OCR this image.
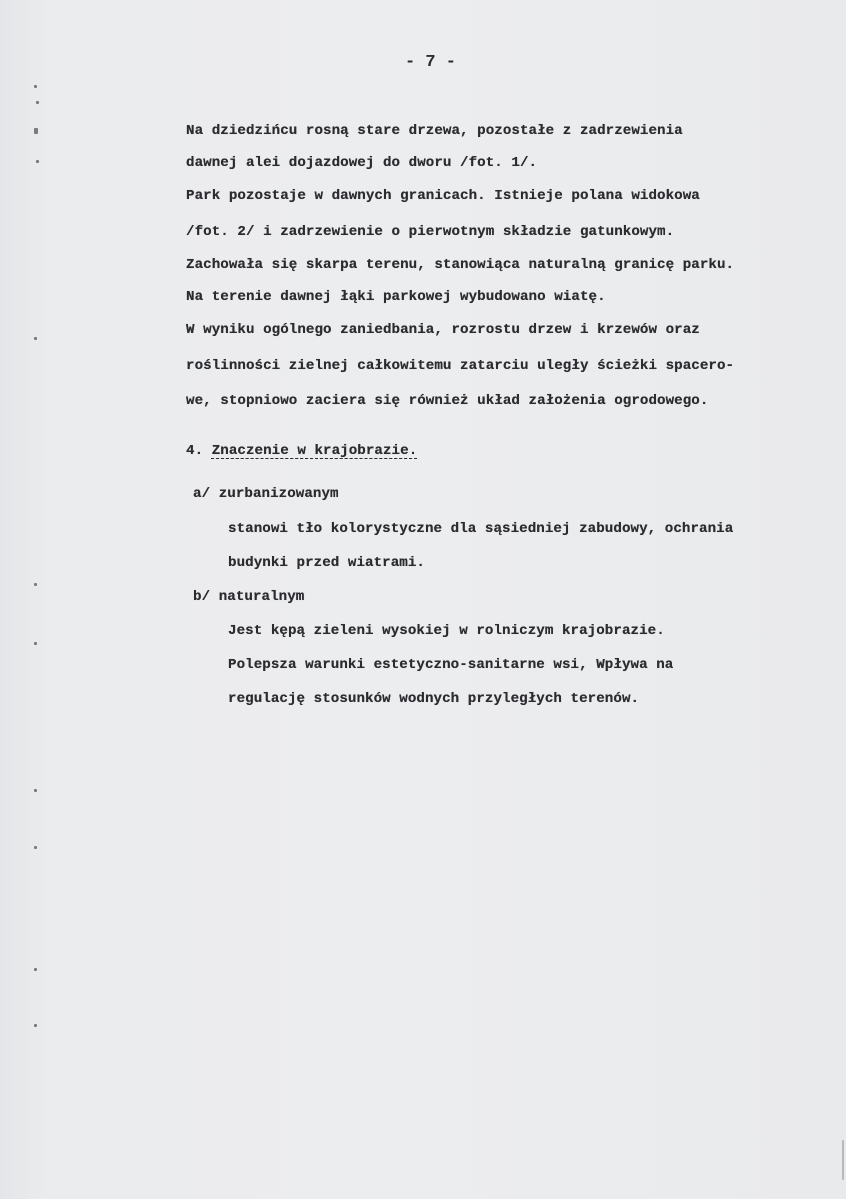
- 7 -
Na dziedzińcu rosną stare drzewa, pozostałe z zadrzewienia
dawnej alei dojazdowej do dworu /fot. 1/.
Park pozostaje w dawnych granicach. Istnieje polana widokowa
/fot. 2/ i zadrzewienie o pierwotnym składzie gatunkowym.
Zachowała się skarpa terenu, stanowiąca naturalną granicę parku.
Na terenie dawnej łąki parkowej wybudowano wiatę.
W wyniku ogólnego zaniedbania, rozrostu drzew i krzewów oraz
roślinności zielnej całkowitemu zatarciu uległy ścieżki spacero-
we, stopniowo zaciera się również układ założenia ogrodowego.
4. Znaczenie w krajobrazie.
a/ zurbanizowanym
stanowi tło kolorystyczne dla sąsiedniej zabudowy, ochrania
budynki przed wiatrami.
b/ naturalnym
Jest kępą zieleni wysokiej w rolniczym krajobrazie.
Polepsza warunki estetyczno-sanitarne wsi, Wpływa na
regulację stosunków wodnych przyległych terenów.
